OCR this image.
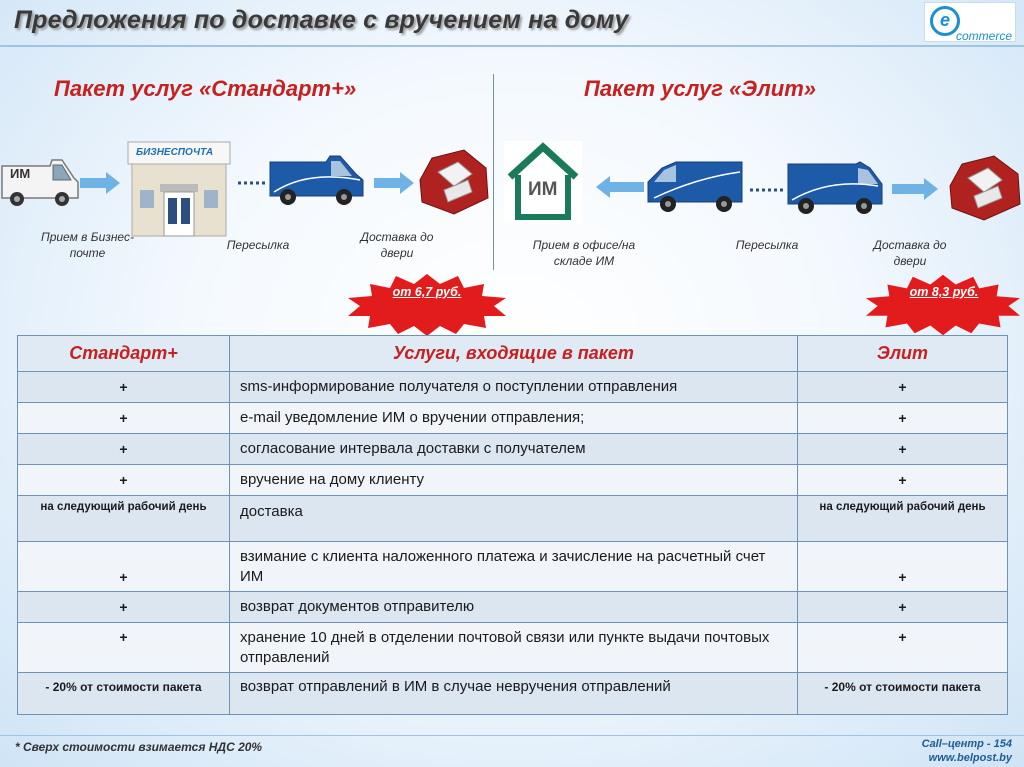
Предложения по доставке с вручением на дому	e -commerce
Пакет услуг «Стандарт+»	Пакет услуг «Элит»
ИМ
БИЗНЕСПОЧТА
Прием в Бизнес-почте
Пересылка
Доставка до двери
от 6,7 руб.
ИМ
Прием в офисе/на складе ИМ
Пересылка	Доставка до двери
от 8,3 руб.
Стандарт+	Услуги, входящие в пакет	Элит
+	sms-информирование получателя о поступлении отправления	+
+	e-mail уведомление ИМ о вручении отправления;	+
+	согласование интервала доставки с получателем	+
+	вручение на дому клиенту	+
на следующий рабочий день	доставка	на следующий рабочий день
+	взимание с клиента наложенного платежа и зачисление на расчетный счет ИМ	+
+	возврат документов отправителю	+
+	хранение 10 дней в отделении почтовой связи или пункте выдачи почтовых отправлений	+
- 20% от стоимости пакета	возврат отправлений в ИМ в случае невручения отправлений	- 20% от стоимости пакета
* Сверх стоимости взимается НДС 20%	Call–центр - 154
www.belpost.by
